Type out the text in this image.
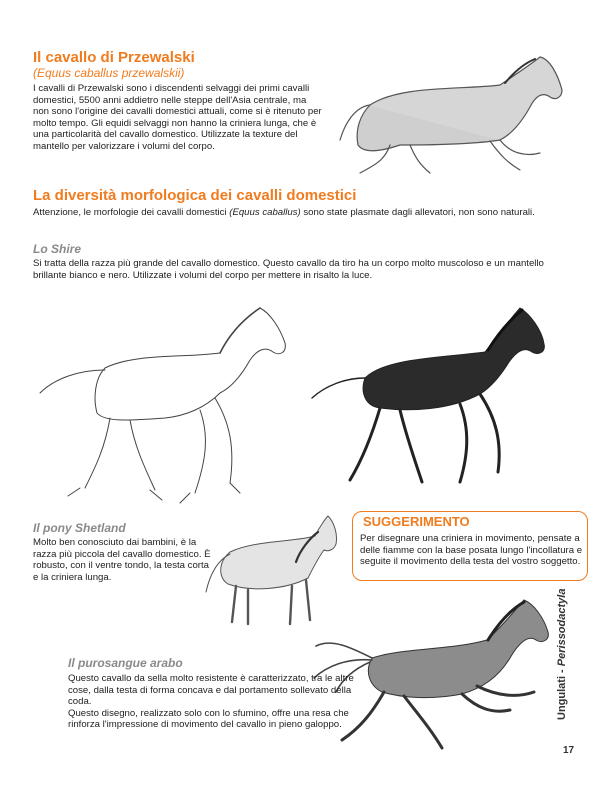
Il cavallo di Przewalski
(Equus caballus przewalskii)
I cavalli di Przewalski sono i discendenti selvaggi dei primi cavalli domestici, 5500 anni addietro nelle steppe dell'Asia centrale, ma non sono l'origine dei cavalli domestici attuali, come si è ritenuto per molto tempo. Gli equidi selvaggi non hanno la criniera lunga, che è una particolarità del cavallo domestico. Utilizzate la texture del mantello per valorizzare i volumi del corpo.
La diversità morfologica dei cavalli domestici
Attenzione, le morfologie dei cavalli domestici (Equus caballus) sono state plasmate dagli allevatori, non sono naturali.
Lo Shire
Si tratta della razza più grande del cavallo domestico. Questo cavallo da tiro ha un corpo molto muscoloso e un mantello brillante bianco e nero. Utilizzate i volumi del corpo per mettere in risalto la luce.
Il pony Shetland
Molto ben conosciuto dai bambini, è la razza più piccola del cavallo domestico. È robusto, con il ventre tondo, la testa corta e la criniera lunga.
SUGGERIMENTO
Per disegnare una criniera in movimento, pensate a delle fiamme con la base posata lungo l'incollatura e seguite il movimento della testa del vostro soggetto.
Il purosangue arabo
Questo cavallo da sella molto resistente è caratterizzato, tra le altre cose, dalla testa di forma concava e dal portamento sollevato della coda.
Questo disegno, realizzato solo con lo sfumino, offre una resa che rinforza l'impressione di movimento del cavallo in pieno galoppo.
Ungulati - Perissodactyla
17
